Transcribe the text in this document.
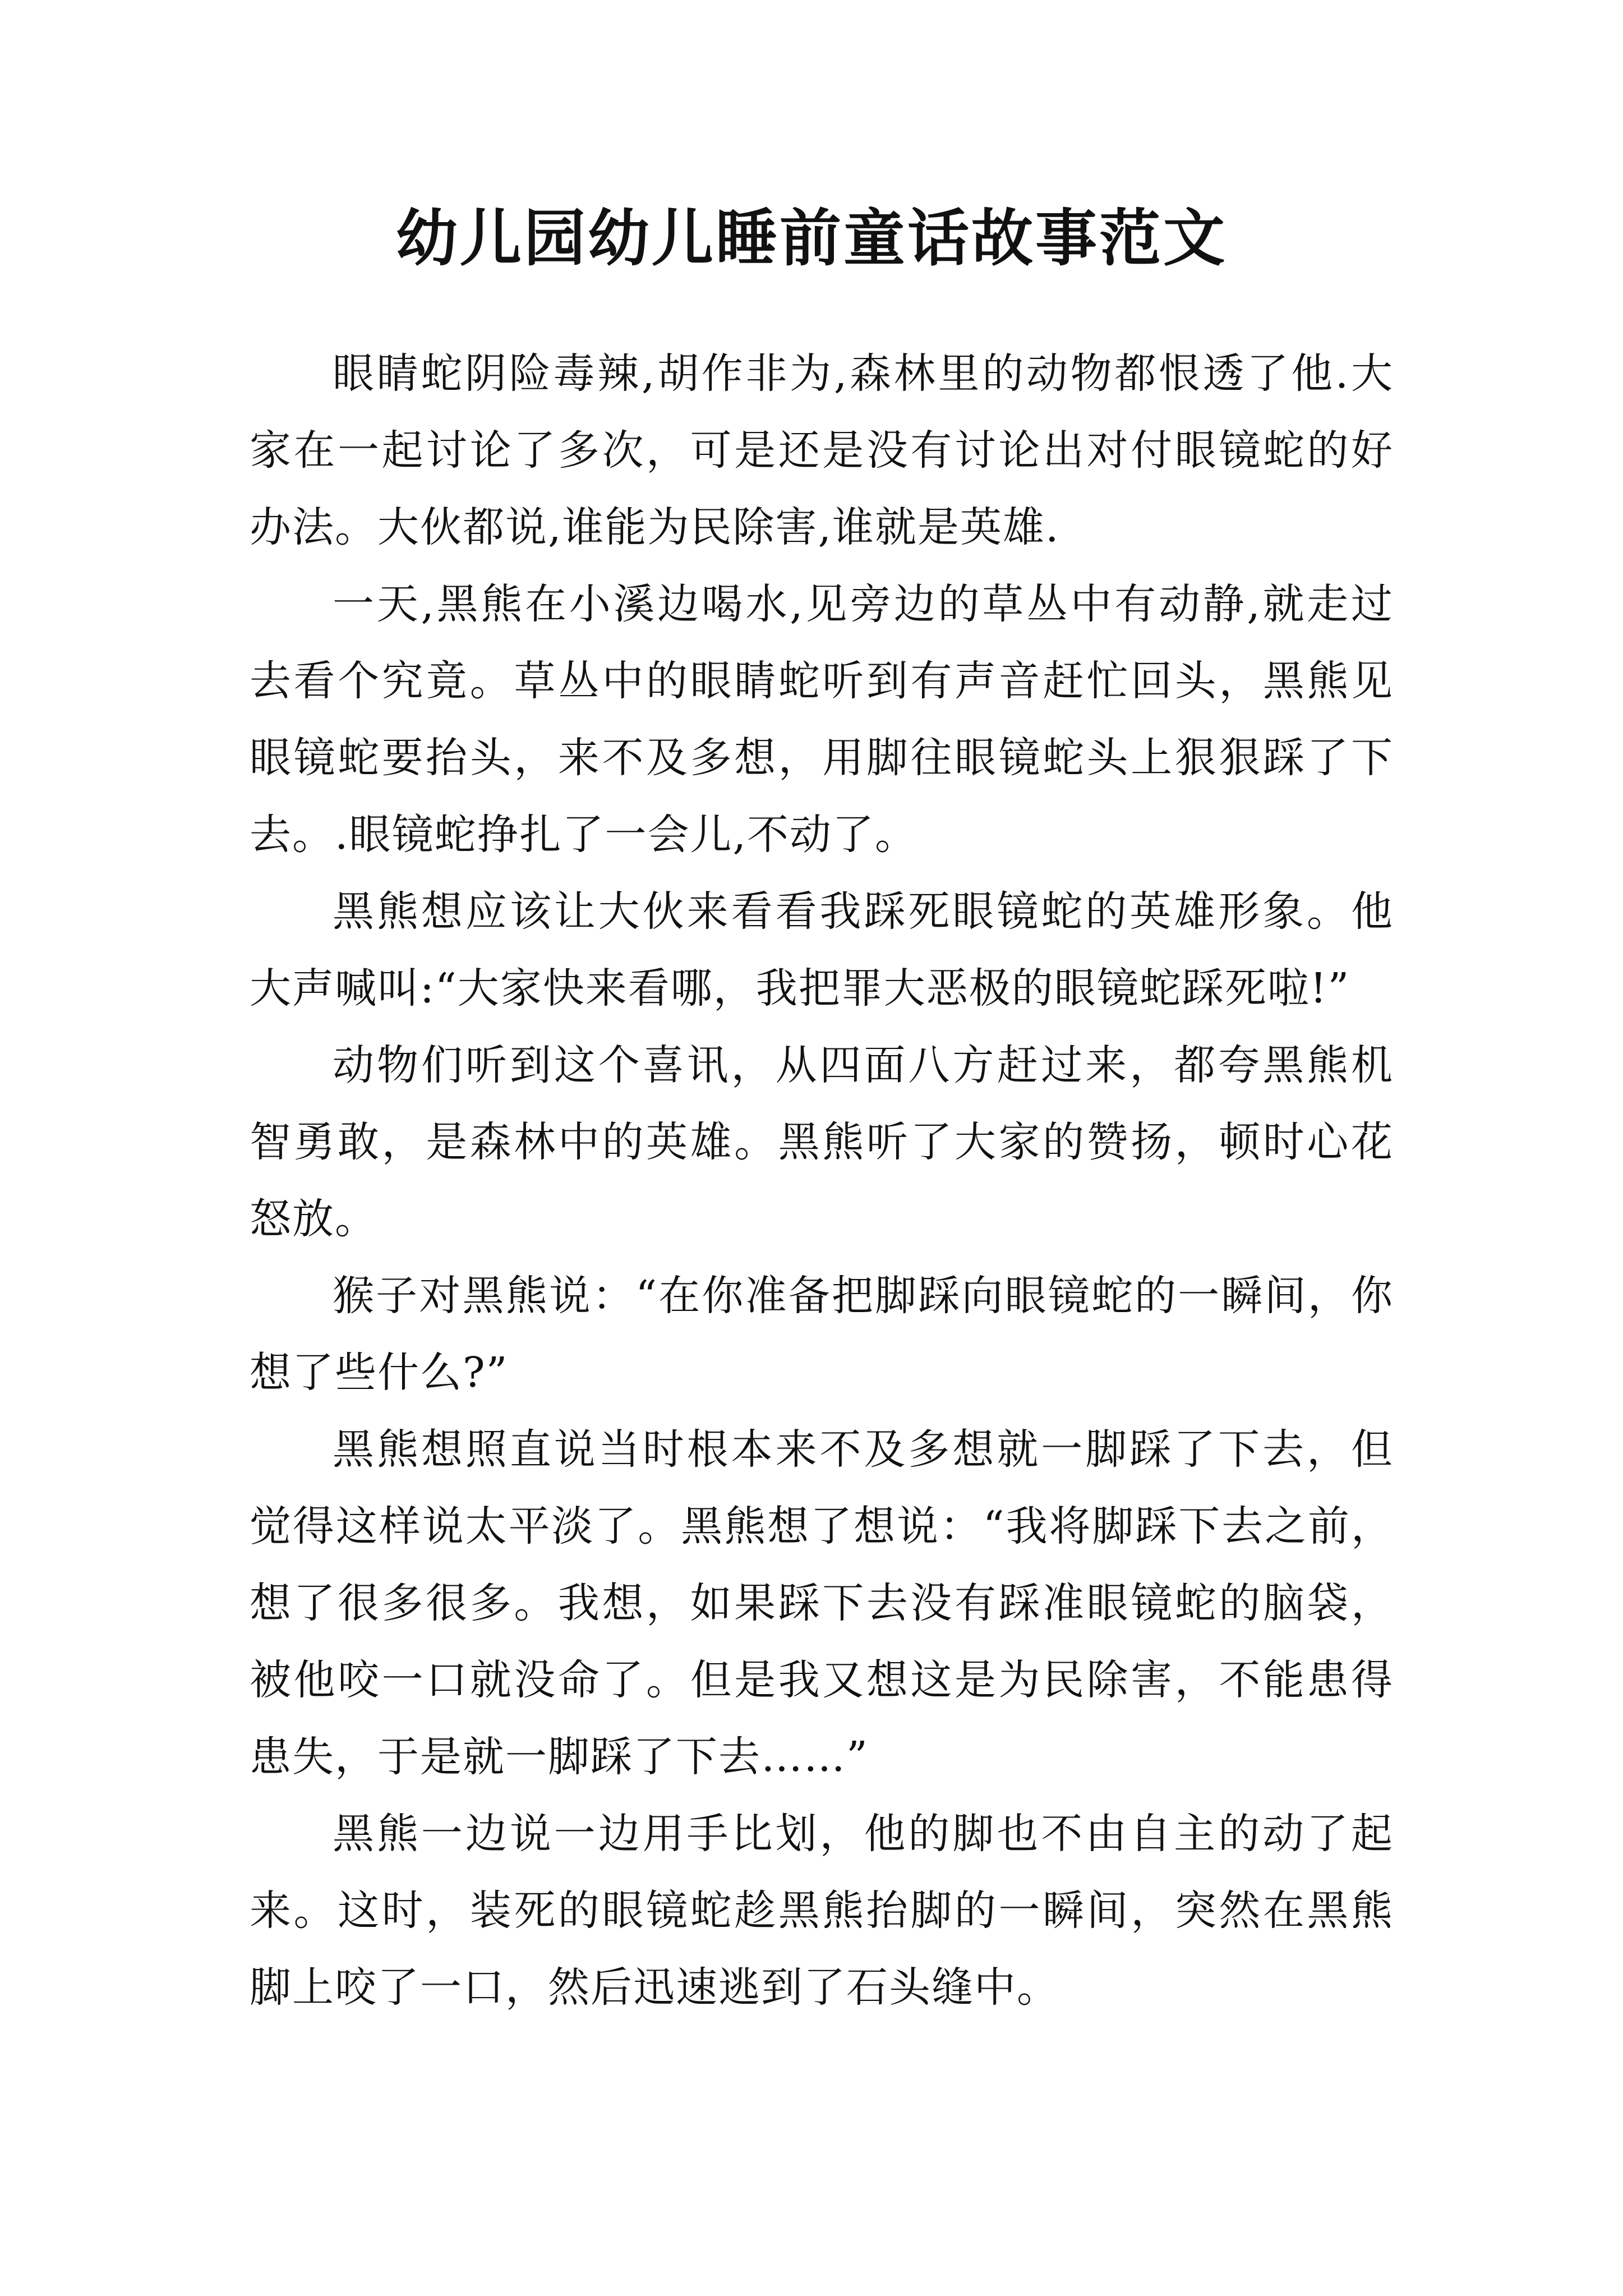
幼儿园幼儿睡前童话故事范文

眼睛蛇阴险毒辣,胡作非为,森林里的动物都恨透了他.大家在一起讨论了多次，可是还是没有讨论出对付眼镜蛇的好办法。大伙都说,谁能为民除害,谁就是英雄.

一天,黑熊在小溪边喝水,见旁边的草丛中有动静,就走过去看个究竟。草丛中的眼睛蛇听到有声音赶忙回头，黑熊见眼镜蛇要抬头，来不及多想，用脚往眼镜蛇头上狠狠踩了下去。.眼镜蛇挣扎了一会儿,不动了。

黑熊想应该让大伙来看看我踩死眼镜蛇的英雄形象。他大声喊叫:“大家快来看哪，我把罪大恶极的眼镜蛇踩死啦!”

动物们听到这个喜讯，从四面八方赶过来，都夸黑熊机智勇敢，是森林中的英雄。黑熊听了大家的赞扬，顿时心花怒放。

猴子对黑熊说：“在你准备把脚踩向眼镜蛇的一瞬间，你想了些什么?”

黑熊想照直说当时根本来不及多想就一脚踩了下去，但觉得这样说太平淡了。黑熊想了想说：“我将脚踩下去之前，想了很多很多。我想，如果踩下去没有踩准眼镜蛇的脑袋，被他咬一口就没命了。但是我又想这是为民除害，不能患得患失，于是就一脚踩了下去……”

黑熊一边说一边用手比划，他的脚也不由自主的动了起来。这时，装死的眼镜蛇趁黑熊抬脚的一瞬间，突然在黑熊脚上咬了一口，然后迅速逃到了石头缝中。
